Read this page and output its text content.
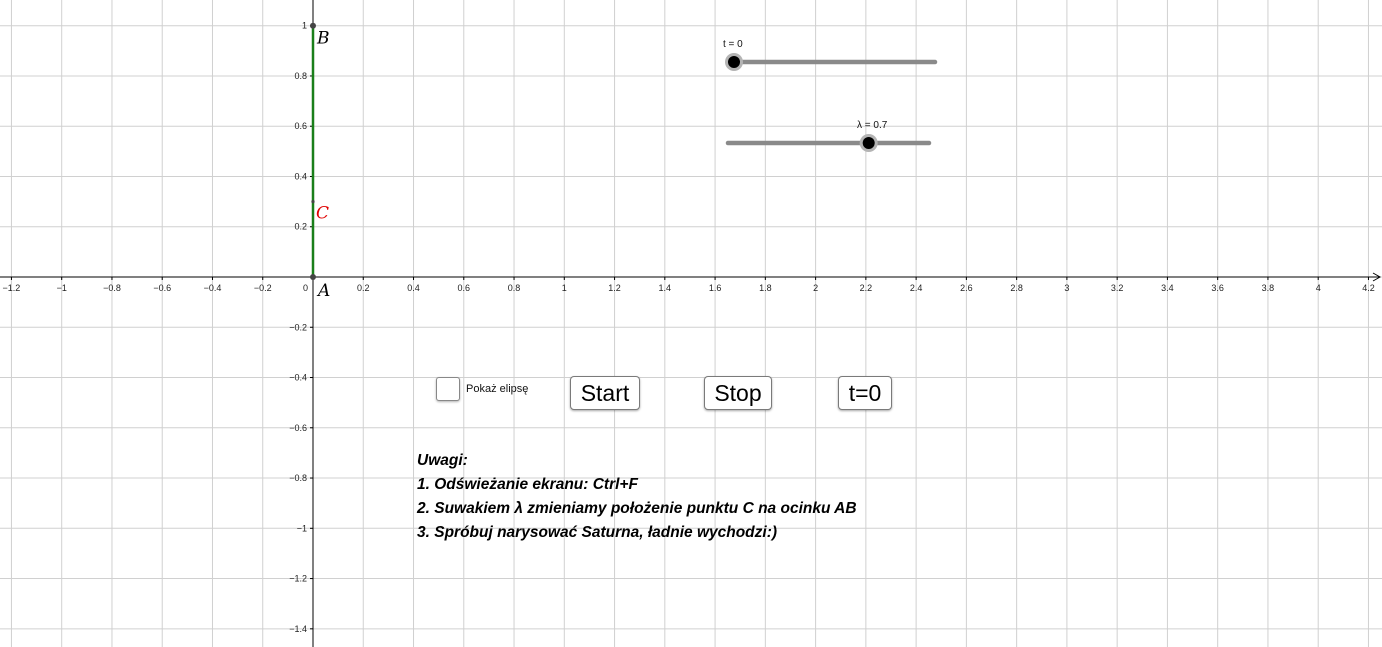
−1.2	−1	−0.8	−0.6	−0.4	−0.2	0	0.2	0.4	0.6	0.8	1	1.2	1.4	1.6	1.8	2	2.2	2.4	2.6	2.8	3	3.2	3.4	3.6	3.8	4	4.2
1
0.8
0.6
0.4
0.2
−0.2
−0.4
−0.6
−0.8
−1
−1.2
−1.4
A
B
C
t = 0
λ = 0.7
Pokaż elipsę	Start	Stop	t=0
Uwagi:
1. Odświeżanie ekranu: Ctrl+F
2. Suwakiem λ zmieniamy położenie punktu C na ocinku AB
3. Spróbuj narysować Saturna, ładnie wychodzi:)
